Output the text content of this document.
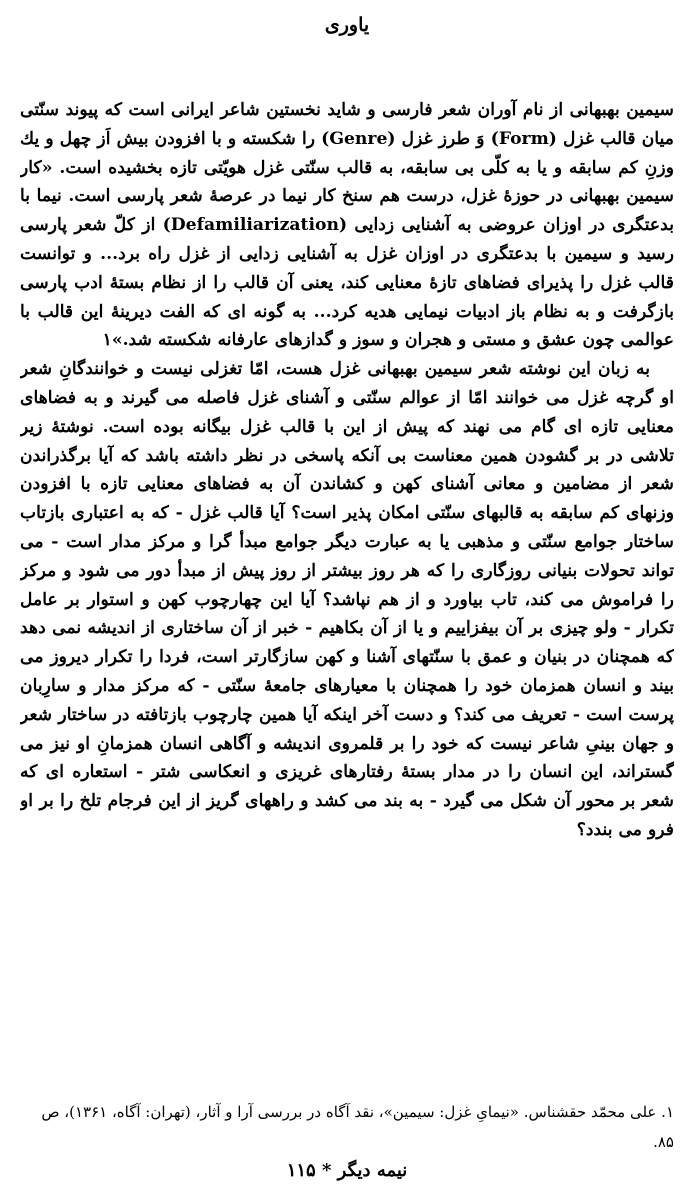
یاوری

سیمین بهبهانی از نام آوران شعر فارسی و شاید نخستین شاعر ایرانی است که پیوند سنّتی میان قالب غزل (Form) وَ طرز غزل (Genre) را شکسته و با افزودن بیش اَز چهل و یك وزنِ کم سابقه و یا به کلّی بی سابقه، به قالب سنّتی غزل هویّتی تازه بخشیده است. «کار سیمین بهبهانی در حوزۀ غزل، درست هم سنخ کار نیما در عرصۀ شعر پارسی است. نیما با بدعتگری در اوزان عروضی به آشنایی زدایی (Defamiliarization) از کلّ شعر پارسی رسید و سیمین با بدعتگری در اوزان غزل به آشنایی زدایی از غزل راه برد... و توانست قالب غزل را پذیرای فضاهای تازۀ معنایی کند، یعنی آن قالب را از نظام بستۀ ادب پارسی بازگرفت و به نظام باز ادبیات نیمایی هدیه کرد... به گونه ای که الفت دیرینۀ این قالب با عوالمی چون عشق و مستی و هجران و سوز و گدازهای عارفانه شکسته شد.»۱

به زبان این نوشته شعر سیمین بهبهانی غزل هست، امّا تغزلی نیست و خوانندگانِ شعر او گرچه غزل می خوانند امّا از عوالم سنّتی و آشنای غزل فاصله می گیرند و به فضاهای معنایی تازه ای گام می نهند که پیش از این با قالب غزل بیگانه بوده است. نوشتۀ زیر تلاشی در بر گشودن همین معناست بی آنکه پاسخی در نظر داشته باشد که آیا برگذراندن شعر از مضامین و معانی آشنای کهن و کشاندن آن به فضاهای معنایی تازه با افزودن وزنهای کم سابقه به قالبهای سنّتی امکان پذیر است؟ آیا قالب غزل - که به اعتباری بازتاب ساختار جوامع سنّتی و مذهبی یا به عبارت دیگر جوامع مبدأ گرا و مرکز مدار است - می تواند تحولات بنیانی روزگاری را که هر روز بیشتر از روز پیش از مبدأ دور می شود و مرکز را فراموش می کند، تاب بیاورد و از هم نپاشد؟ آیا این چهارچوب کهن و استوار بر عامل تکرار - ولو چیزی بر آن بیفزاییم و یا از آن بکاهیم - خبر از آن ساختاری از اندیشه نمی دهد که همچنان در بنیان و عمق با سنّتهای آشنا و کهن سازگارتر است، فردا را تکرار دیروز می بیند و انسان همزمان خود را همچنان با معیارهای جامعۀ سنّتی - که مرکز مدار و سارِبان پرست است - تعریف می کند؟ و دست آخر اینکه آیا همین چارچوب بازتافته در ساختار شعر و جهان بینیِ شاعر نیست که خود را بر قلمروی اندیشه و آگاهی انسان همزمانِ او نیز می گستراند، این انسان را در مدار بستۀ رفتارهای غریزی و انعکاسی شتر - استعاره ای که شعر بر محور آن شکل می گیرد - به بند می کشد و راههای گریز از این فرجام تلخ را بر او فرو می بندد؟

۱. علی محمّد حقشناس. «نیمایِ غزل: سیمین»، نقد آگاه در بررسی آرا و آثار، (تهران: آگاه، ۱۳۶۱)، ص ۸۵.
نیمه دیگر * ۱۱۵
